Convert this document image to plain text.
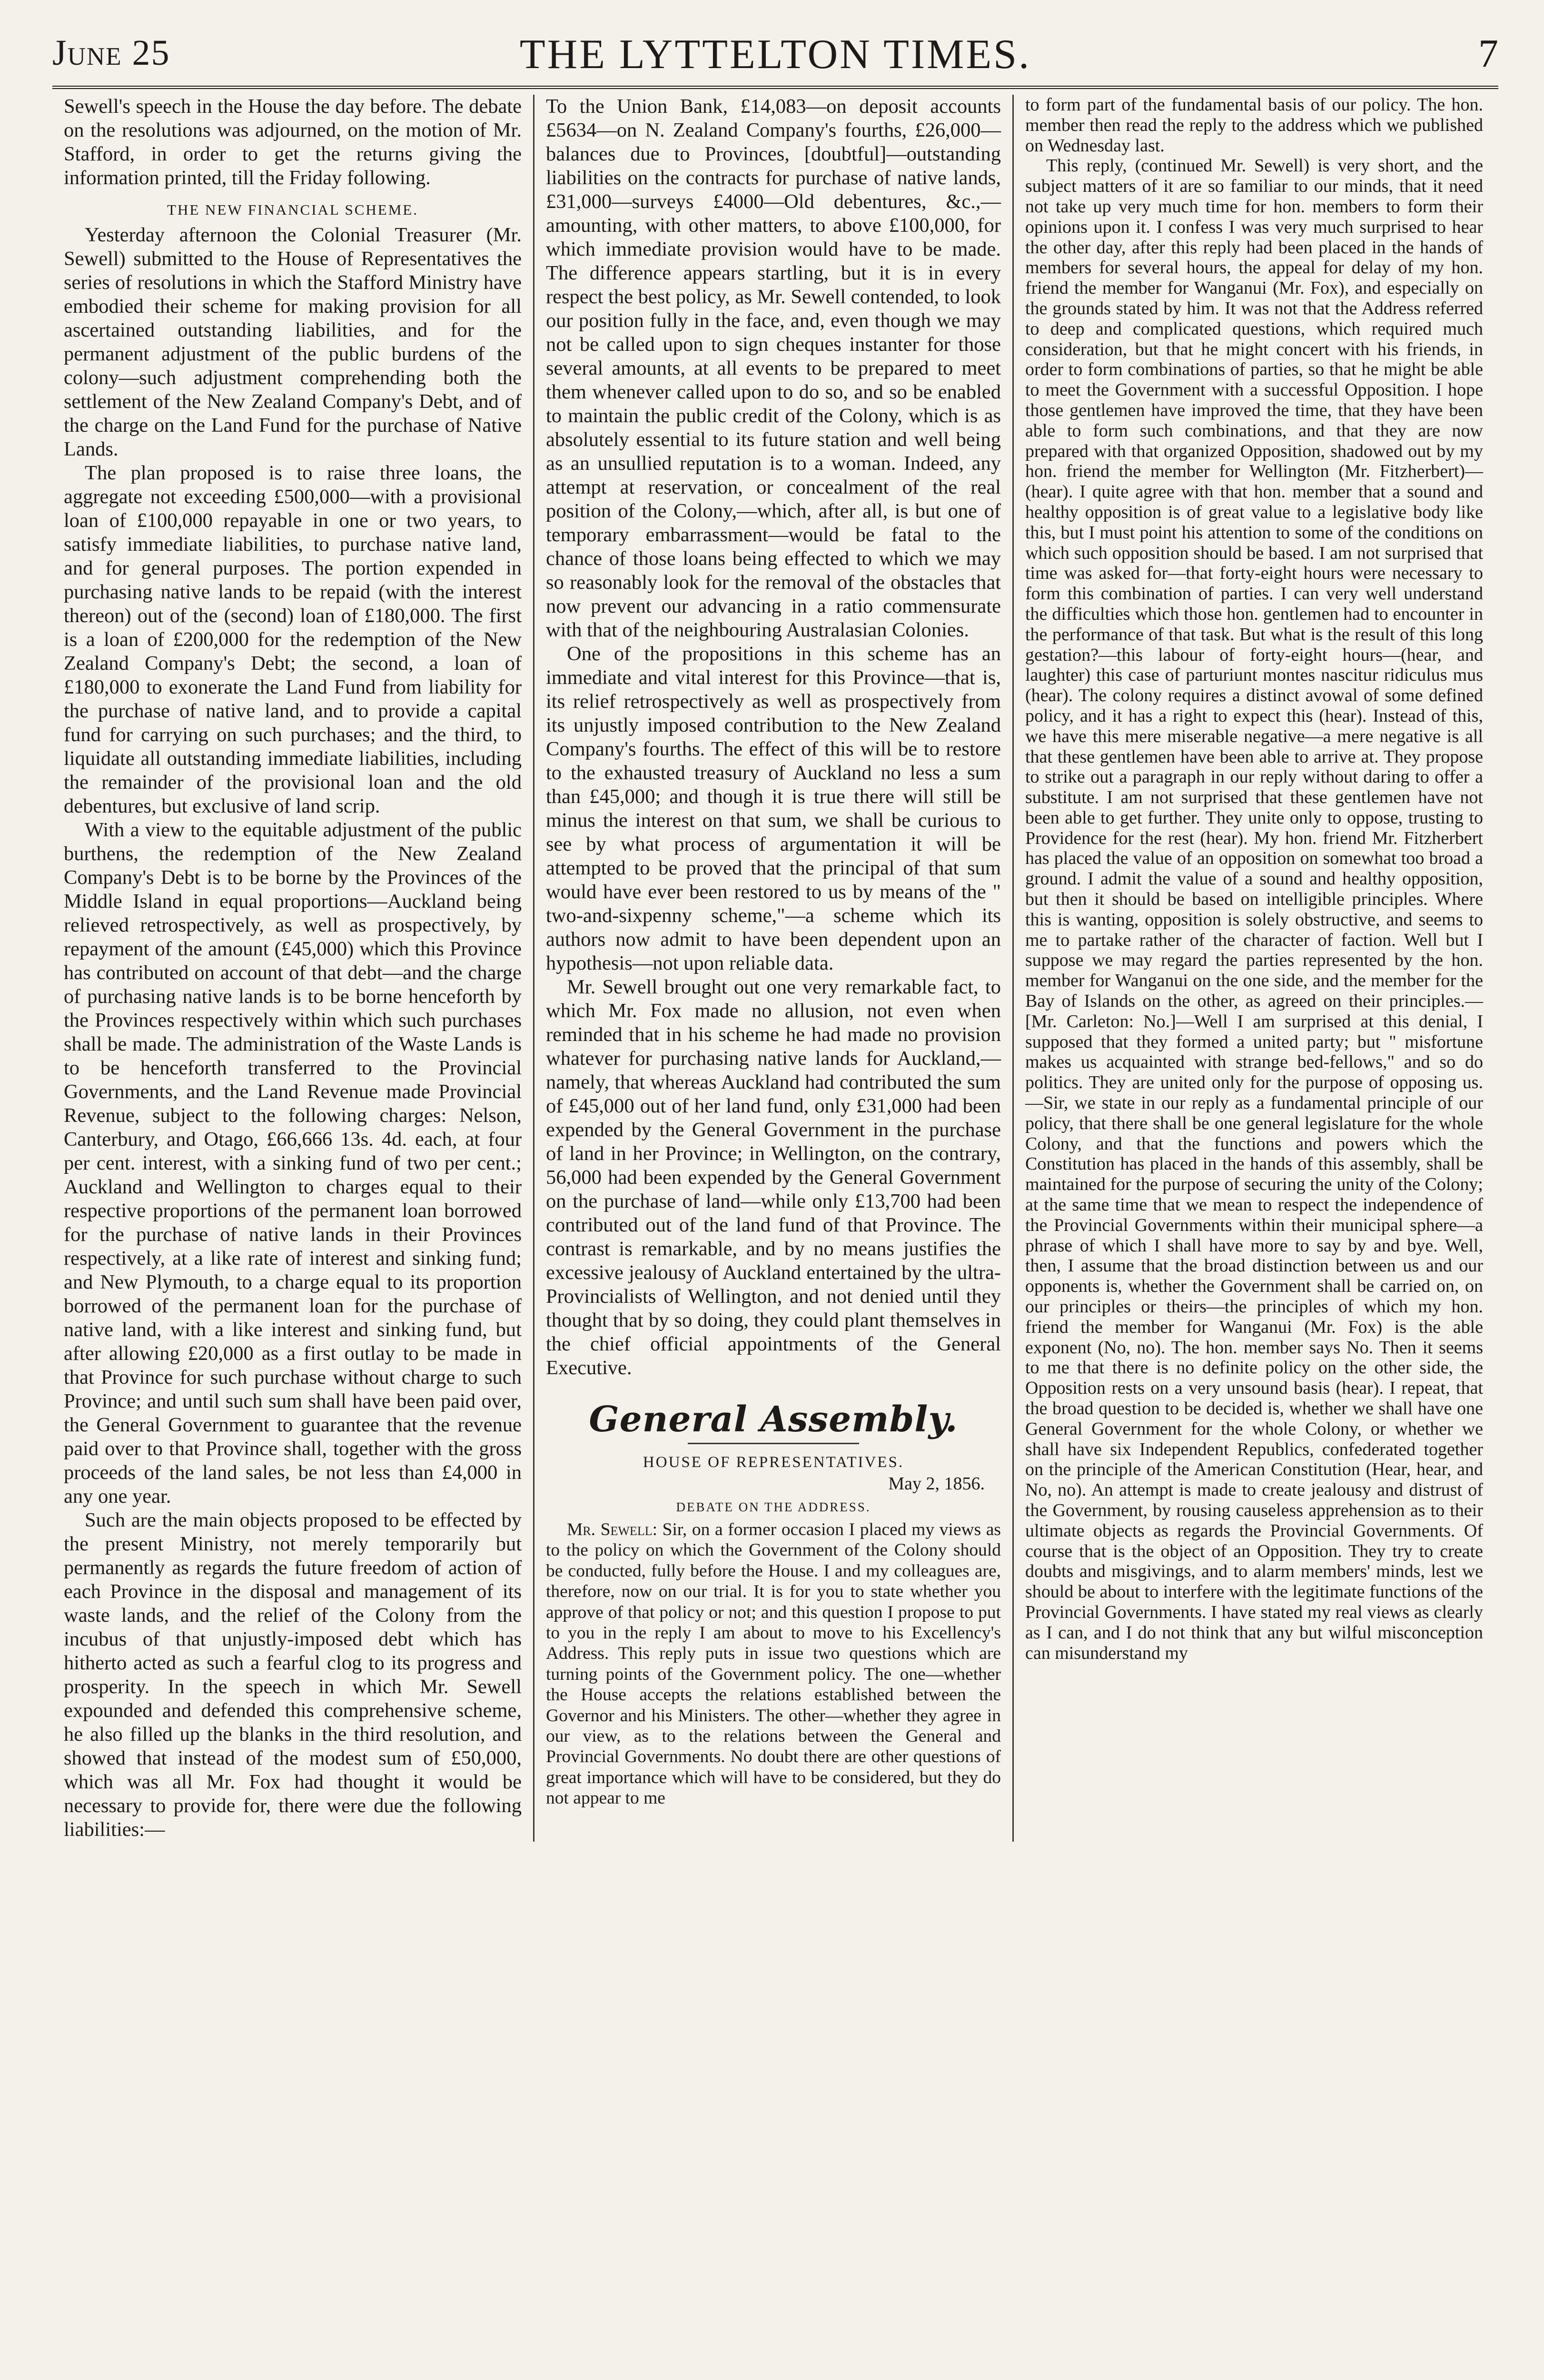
June 25	THE LYTTELTON TIMES.	7

Sewell's speech in the House the day before. The debate on the resolutions was adjourned, on the motion of Mr. Stafford, in order to get the returns giving the information printed, till the Friday following.

THE NEW FINANCIAL SCHEME.

Yesterday afternoon the Colonial Treasurer (Mr. Sewell) submitted to the House of Representatives the series of resolutions in which the Stafford Ministry have embodied their scheme for making provision for all ascertained outstanding liabilities, and for the permanent adjustment of the public burdens of the colony—such adjustment comprehending both the settlement of the New Zealand Company's Debt, and of the charge on the Land Fund for the purchase of Native Lands.

The plan proposed is to raise three loans, the aggregate not exceeding £500,000—with a provisional loan of £100,000 repayable in one or two years, to satisfy immediate liabilities, to purchase native land, and for general purposes. The portion expended in purchasing native lands to be repaid (with the interest thereon) out of the (second) loan of £180,000. The first is a loan of £200,000 for the redemption of the New Zealand Company's Debt; the second, a loan of £180,000 to exonerate the Land Fund from liability for the purchase of native land, and to provide a capital fund for carrying on such purchases; and the third, to liquidate all outstanding immediate liabilities, including the remainder of the provisional loan and the old debentures, but exclusive of land scrip.

With a view to the equitable adjustment of the public burthens, the redemption of the New Zealand Company's Debt is to be borne by the Provinces of the Middle Island in equal proportions—Auckland being relieved retrospectively, as well as prospectively, by repayment of the amount (£45,000) which this Province has contributed on account of that debt—and the charge of purchasing native lands is to be borne henceforth by the Provinces respectively within which such purchases shall be made. The administration of the Waste Lands is to be henceforth transferred to the Provincial Governments, and the Land Revenue made Provincial Revenue, subject to the following charges: Nelson, Canterbury, and Otago, £66,666 13s. 4d. each, at four per cent. interest, with a sinking fund of two per cent.; Auckland and Wellington to charges equal to their respective proportions of the permanent loan borrowed for the purchase of native lands in their Provinces respectively, at a like rate of interest and sinking fund; and New Plymouth, to a charge equal to its proportion borrowed of the permanent loan for the purchase of native land, with a like interest and sinking fund, but after allowing £20,000 as a first outlay to be made in that Province for such purchase without charge to such Province; and until such sum shall have been paid over, the General Government to guarantee that the revenue paid over to that Province shall, together with the gross proceeds of the land sales, be not less than £4,000 in any one year.

Such are the main objects proposed to be effected by the present Ministry, not merely temporarily but permanently as regards the future freedom of action of each Province in the disposal and management of its waste lands, and the relief of the Colony from the incubus of that unjustly-imposed debt which has hitherto acted as such a fearful clog to its progress and prosperity. In the speech in which Mr. Sewell expounded and defended this comprehensive scheme, he also filled up the blanks in the third resolution, and showed that instead of the modest sum of £50,000, which was all Mr. Fox had thought it would be necessary to provide for, there were due the following liabilities:—

To the Union Bank, £14,083—on deposit accounts £5634—on N. Zealand Company's fourths, £26,000—balances due to Provinces, [doubtful]—outstanding liabilities on the contracts for purchase of native lands, £31,000—surveys £4000—Old debentures, &c.,—amounting, with other matters, to above £100,000, for which immediate provision would have to be made. The difference appears startling, but it is in every respect the best policy, as Mr. Sewell contended, to look our position fully in the face, and, even though we may not be called upon to sign cheques instanter for those several amounts, at all events to be prepared to meet them whenever called upon to do so, and so be enabled to maintain the public credit of the Colony, which is as absolutely essential to its future station and well being as an unsullied reputation is to a woman. Indeed, any attempt at reservation, or concealment of the real position of the Colony,—which, after all, is but one of temporary embarrassment—would be fatal to the chance of those loans being effected to which we may so reasonably look for the removal of the obstacles that now prevent our advancing in a ratio commensurate with that of the neighbouring Australasian Colonies.

One of the propositions in this scheme has an immediate and vital interest for this Province—that is, its relief retrospectively as well as prospectively from its unjustly imposed contribution to the New Zealand Company's fourths. The effect of this will be to restore to the exhausted treasury of Auckland no less a sum than £45,000; and though it is true there will still be minus the interest on that sum, we shall be curious to see by what process of argumentation it will be attempted to be proved that the principal of that sum would have ever been restored to us by means of the " two-and-sixpenny scheme,"—a scheme which its authors now admit to have been dependent upon an hypothesis—not upon reliable data.

Mr. Sewell brought out one very remarkable fact, to which Mr. Fox made no allusion, not even when reminded that in his scheme he had made no provision whatever for purchasing native lands for Auckland,—namely, that whereas Auckland had contributed the sum of £45,000 out of her land fund, only £31,000 had been expended by the General Government in the purchase of land in her Province; in Wellington, on the contrary, 56,000 had been expended by the General Government on the purchase of land—while only £13,700 had been contributed out of the land fund of that Province. The contrast is remarkable, and by no means justifies the excessive jealousy of Auckland entertained by the ultra-Provincialists of Wellington, and not denied until they thought that by so doing, they could plant themselves in the chief official appointments of the General Executive.

General Assembly.
HOUSE OF REPRESENTATIVES.
May 2, 1856.
DEBATE ON THE ADDRESS.

Mr. Sewell: Sir, on a former occasion I placed my views as to the policy on which the Government of the Colony should be conducted, fully before the House. I and my colleagues are, therefore, now on our trial. It is for you to state whether you approve of that policy or not; and this question I propose to put to you in the reply I am about to move to his Excellency's Address. This reply puts in issue two questions which are turning points of the Government policy. The one—whether the House accepts the relations established between the Governor and his Ministers. The other—whether they agree in our view, as to the relations between the General and Provincial Governments. No doubt there are other questions of great importance which will have to be considered, but they do not appear to me

to form part of the fundamental basis of our policy. The hon. member then read the reply to the address which we published on Wednesday last.

This reply, (continued Mr. Sewell) is very short, and the subject matters of it are so familiar to our minds, that it need not take up very much time for hon. members to form their opinions upon it. I confess I was very much surprised to hear the other day, after this reply had been placed in the hands of members for several hours, the appeal for delay of my hon. friend the member for Wanganui (Mr. Fox), and especially on the grounds stated by him. It was not that the Address referred to deep and complicated questions, which required much consideration, but that he might concert with his friends, in order to form combinations of parties, so that he might be able to meet the Government with a successful Opposition. I hope those gentlemen have improved the time, that they have been able to form such combinations, and that they are now prepared with that organized Opposition, shadowed out by my hon. friend the member for Wellington (Mr. Fitzherbert)—(hear). I quite agree with that hon. member that a sound and healthy opposition is of great value to a legislative body like this, but I must point his attention to some of the conditions on which such opposition should be based. I am not surprised that time was asked for—that forty-eight hours were necessary to form this combination of parties. I can very well understand the difficulties which those hon. gentlemen had to encounter in the performance of that task. But what is the result of this long gestation?—this labour of forty-eight hours—(hear, and laughter) this case of parturiunt montes nascitur ridiculus mus (hear). The colony requires a distinct avowal of some defined policy, and it has a right to expect this (hear). Instead of this, we have this mere miserable negative—a mere negative is all that these gentlemen have been able to arrive at. They propose to strike out a paragraph in our reply without daring to offer a substitute. I am not surprised that these gentlemen have not been able to get further. They unite only to oppose, trusting to Providence for the rest (hear). My hon. friend Mr. Fitzherbert has placed the value of an opposition on somewhat too broad a ground. I admit the value of a sound and healthy opposition, but then it should be based on intelligible principles. Where this is wanting, opposition is solely obstructive, and seems to me to partake rather of the character of faction. Well but I suppose we may regard the parties represented by the hon. member for Wanganui on the one side, and the member for the Bay of Islands on the other, as agreed on their principles.—[Mr. Carleton: No.]—Well I am surprised at this denial, I supposed that they formed a united party; but " misfortune makes us acquainted with strange bed-fellows," and so do politics. They are united only for the purpose of opposing us.—Sir, we state in our reply as a fundamental principle of our policy, that there shall be one general legislature for the whole Colony, and that the functions and powers which the Constitution has placed in the hands of this assembly, shall be maintained for the purpose of securing the unity of the Colony; at the same time that we mean to respect the independence of the Provincial Governments within their municipal sphere—a phrase of which I shall have more to say by and bye. Well, then, I assume that the broad distinction between us and our opponents is, whether the Government shall be carried on, on our principles or theirs—the principles of which my hon. friend the member for Wanganui (Mr. Fox) is the able exponent (No, no). The hon. member says No. Then it seems to me that there is no definite policy on the other side, the Opposition rests on a very unsound basis (hear). I repeat, that the broad question to be decided is, whether we shall have one General Government for the whole Colony, or whether we shall have six Independent Republics, confederated together on the principle of the American Constitution (Hear, hear, and No, no). An attempt is made to create jealousy and distrust of the Government, by rousing causeless apprehension as to their ultimate objects as regards the Provincial Governments. Of course that is the object of an Opposition. They try to create doubts and misgivings, and to alarm members' minds, lest we should be about to interfere with the legitimate functions of the Provincial Governments. I have stated my real views as clearly as I can, and I do not think that any but wilful misconception can misunderstand my
